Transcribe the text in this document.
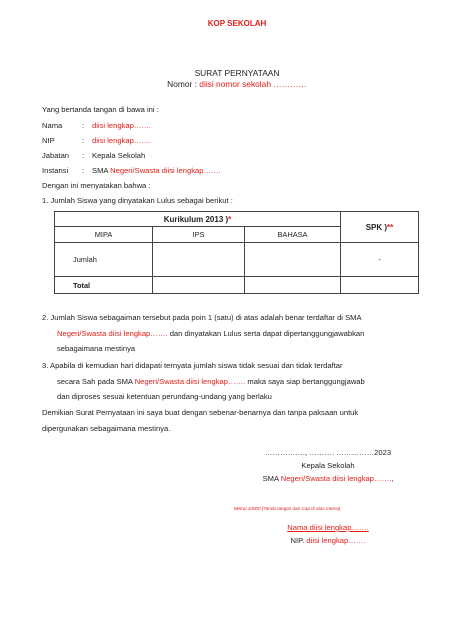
KOP SEKOLAH
SURAT PERNYATAAN
Nomor : diisi nomor sekolah …………
Yang bertanda tangan di bawa ini :
Nama	: diisi lengkap…….
NIP	: diisi lengkap…….
Jabatan : Kepala Sekolah
Instansi : SMA Negeri/Swasta diisi lengkap…….
Dengan ini menyatakan bahwa :
1. Jumlah Siswa yang dinyatakan Lulus sebagai berikut :
Kurikulum 2013 )*			SPK )**
MIPA	IPS	BAHASA	
Jumlah			-
Total			
2. Jumlah Siswa sebagaiman tersebut pada poin 1 (satu) di atas adalah benar terdaftar di SMA
Negeri/Swasta diisi lengkap……. dan dinyatakan Lulus serta dapat dipertanggungjawabkan
sebagaimana mestinya
3. Apabila di kemudian hari didapati ternyata jumlah siswa tidak sesuai dan tidak terdaftar
secara Sah pada SMA Negeri/Swasta diisi lengkap……. maka saya siap bertanggungjawab
dan diproses sesuai ketentuan perundang-undang yang berlaku
Demikian Surat Pernyataan ini saya buat dengan sebenar-benarnya dan tanpa paksaan untuk
dipergunakan sebagaimana mestinya.
……………., ………. ……………2023
Kepala Sekolah
SMA Negeri/Swasta diisi lengkap…….,
Metrai 10000 (Tanda tangan dan Cap di atas metrai)
Nama diisi lengkap…….
NIP. diisi lengkap…….
